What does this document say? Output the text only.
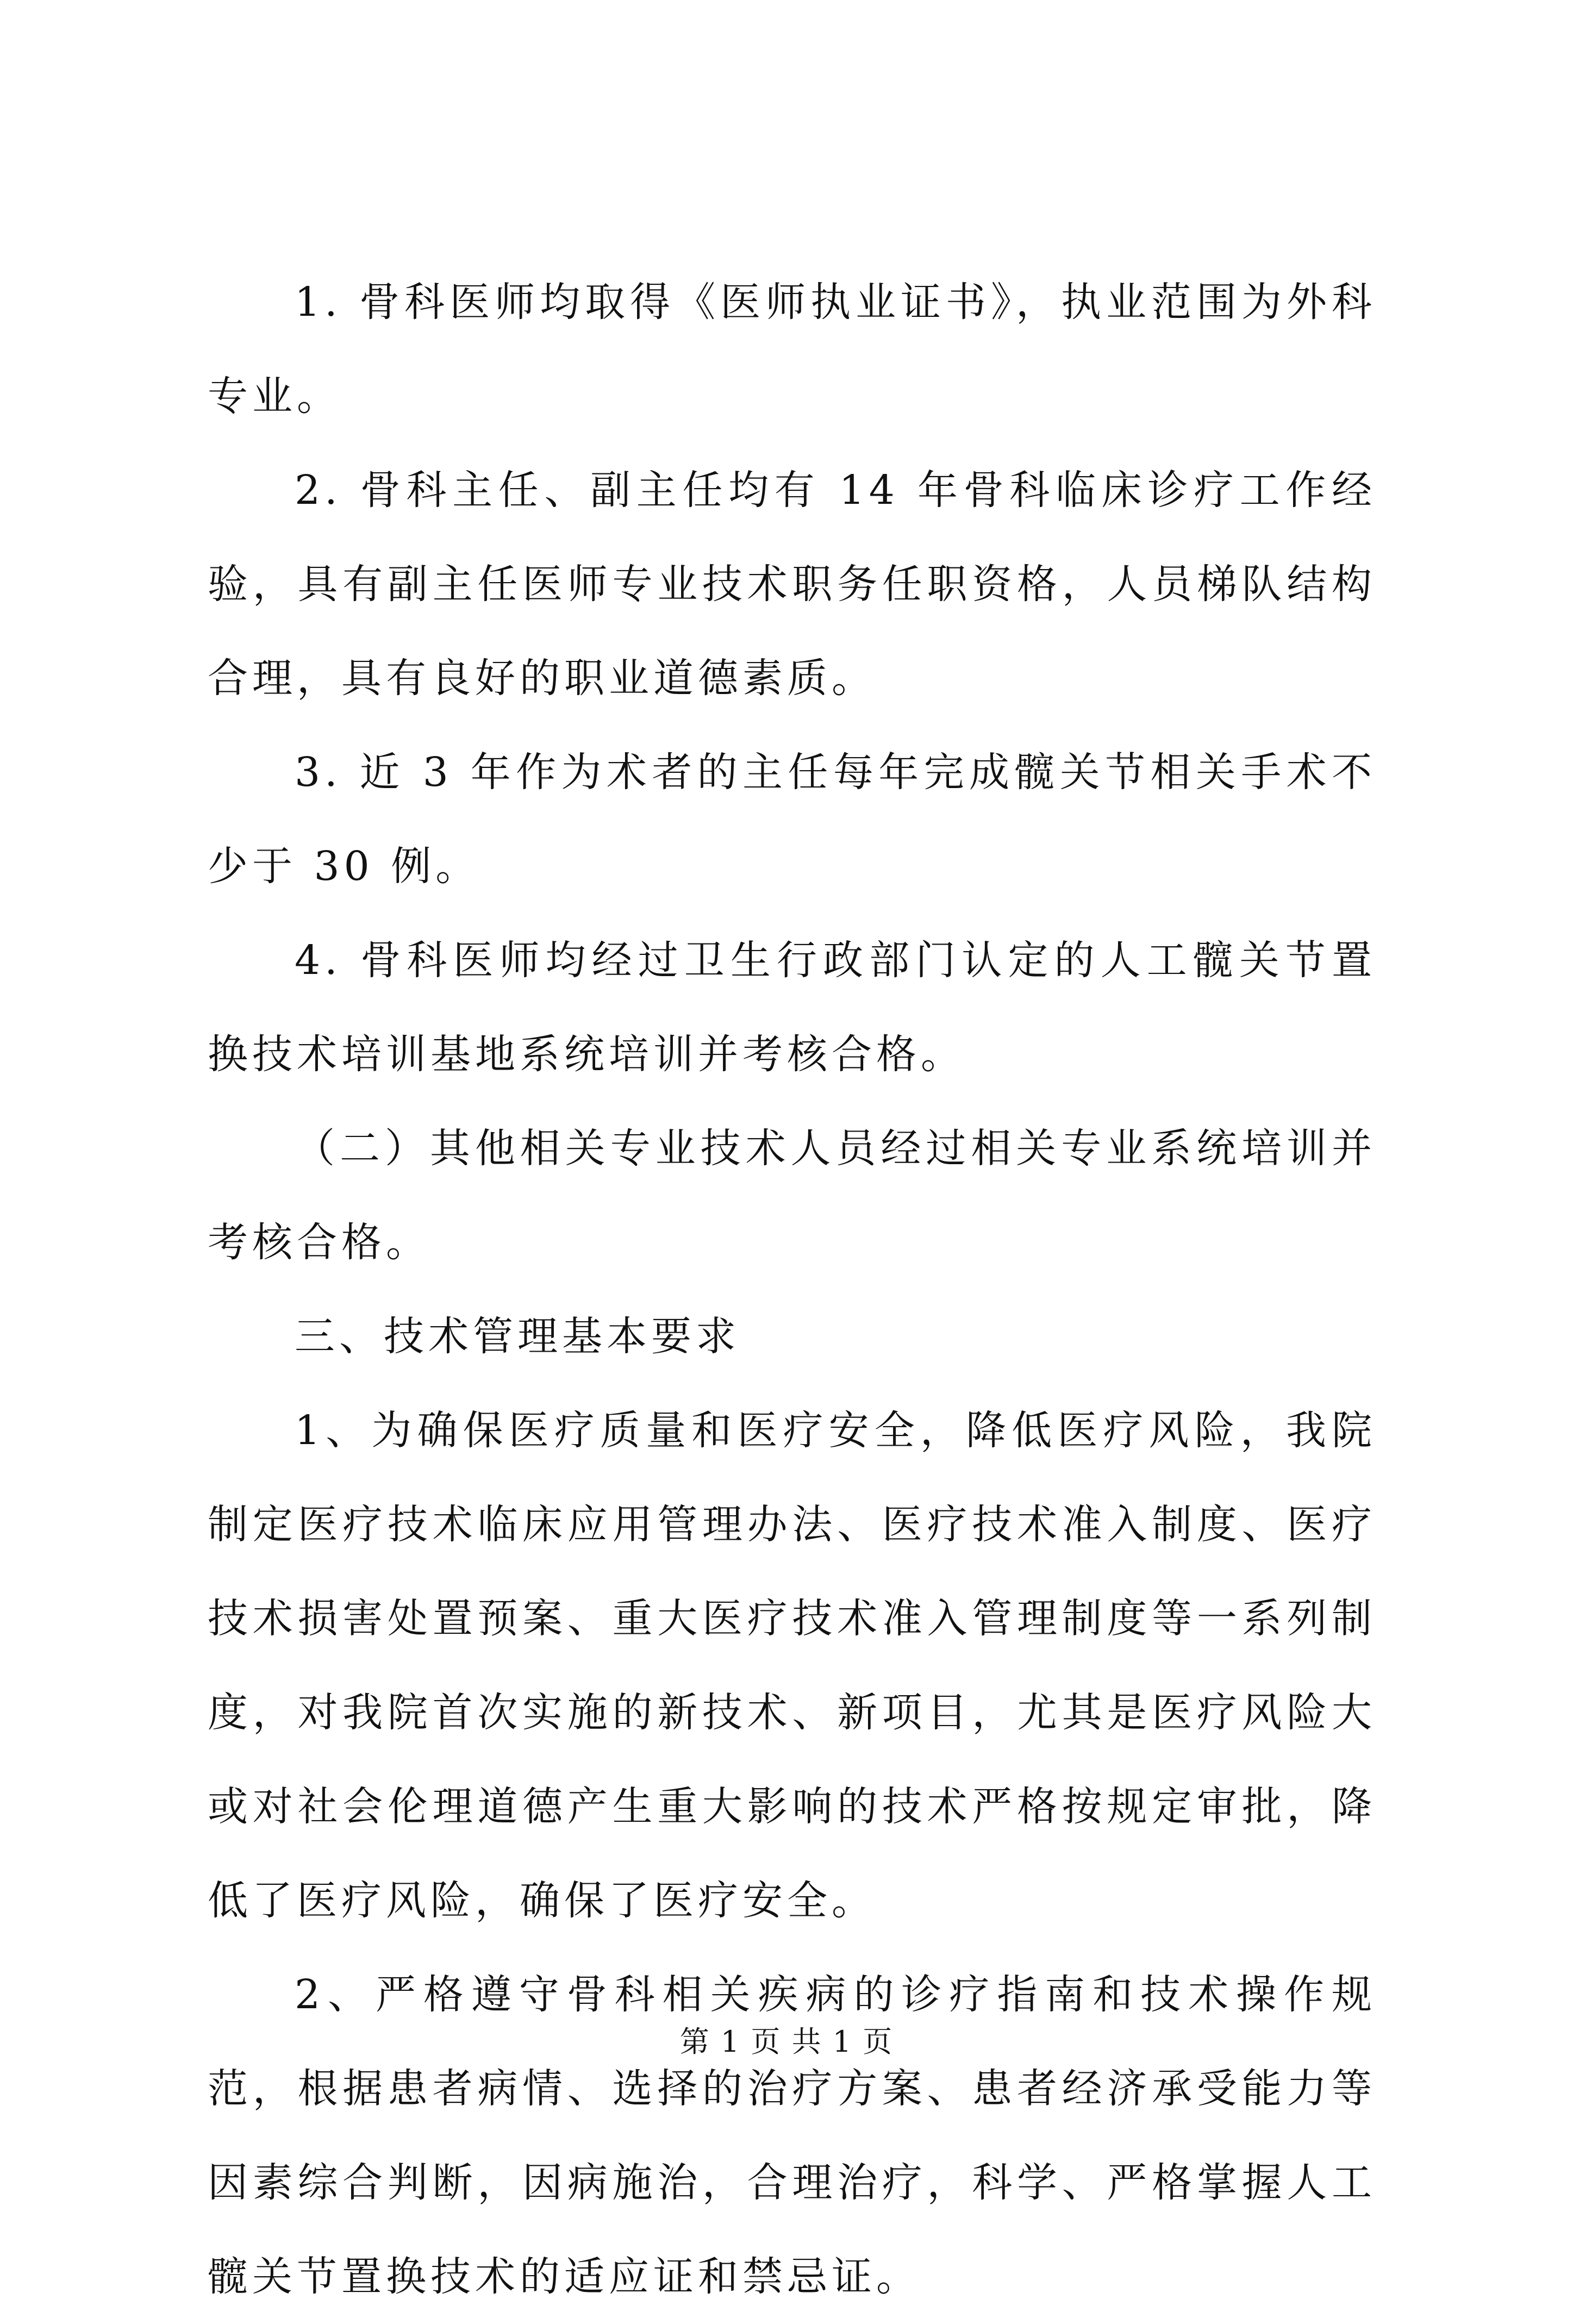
1. 骨科医师均取得《医师执业证书》，执业范围为外科专业。

2. 骨科主任、副主任均有 14 年骨科临床诊疗工作经验，具有副主任医师专业技术职务任职资格，人员梯队结构合理，具有良好的职业道德素质。

3. 近 3 年作为术者的主任每年完成髋关节相关手术不少于 30 例。

4. 骨科医师均经过卫生行政部门认定的人工髋关节置换技术培训基地系统培训并考核合格。

（二）其他相关专业技术人员经过相关专业系统培训并考核合格。

三、技术管理基本要求

1、为确保医疗质量和医疗安全，降低医疗风险，我院制定医疗技术临床应用管理办法、医疗技术准入制度、医疗技术损害处置预案、重大医疗技术准入管理制度等一系列制度，对我院首次实施的新技术、新项目，尤其是医疗风险大或对社会伦理道德产生重大影响的技术严格按规定审批，降低了医疗风险，确保了医疗安全。

2、严格遵守骨科相关疾病的诊疗指南和技术操作规范，根据患者病情、选择的治疗方案、患者经济承受能力等因素综合判断，因病施治，合理治疗，科学、严格掌握人工髋关节置换技术的适应证和禁忌证。

第 1 页 共 1 页
